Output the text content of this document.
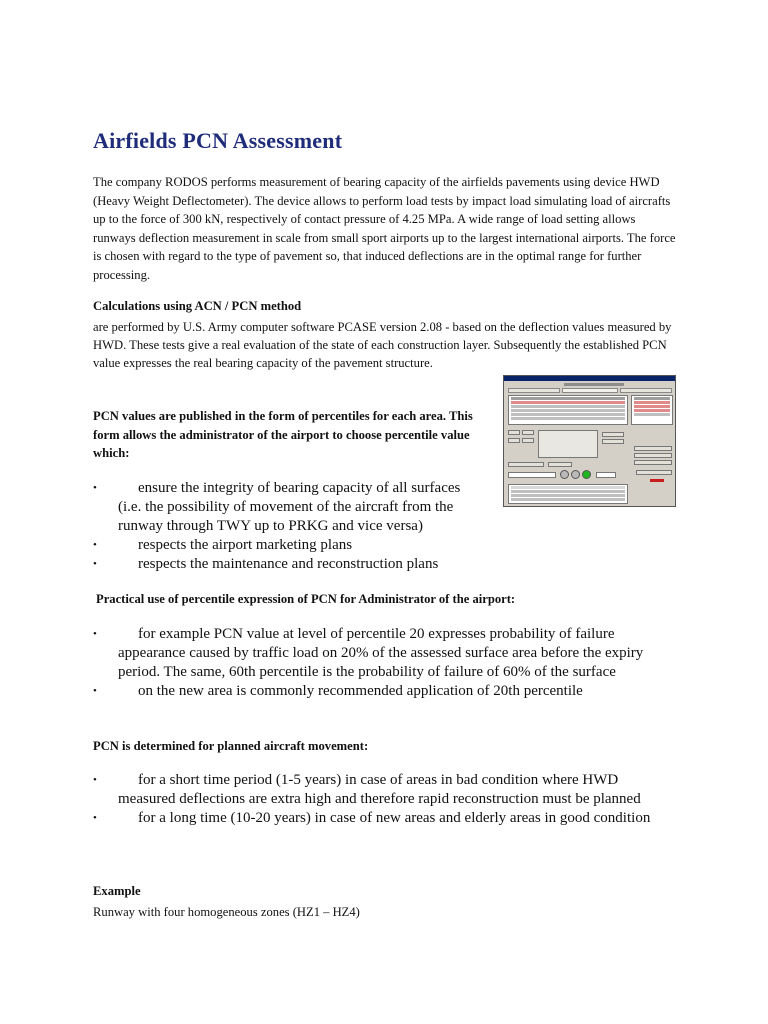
Airfields PCN Assessment

The company RODOS performs measurement of bearing capacity of the airfields pavements using device HWD (Heavy Weight Deflectometer). The device allows to perform load tests by impact load simulating load of aircrafts up to the force of 300 kN, respectively of contact pressure of 4.25 MPa. A wide range of load setting allows runways deflection measurement in scale from small sport airports up to the largest international airports. The force is chosen with regard to the type of pavement so, that induced deflections are in the optimal range for further processing.

Calculations using ACN / PCN method

are performed by U.S. Army computer software PCASE version 2.08 - based on the deflection values measured by HWD. These tests give a real evaluation of the state of each construction layer. Subsequently the established PCN value expresses the real bearing capacity of the pavement structure.

PCN values are published in the form of percentiles for each area. This form allows the administrator of the airport to choose percentile value which:

•	ensure the integrity of bearing capacity of all surfaces (i.e. the possibility of movement of the aircraft from the runway through TWY up to PRKG and vice versa)
•	respects the airport marketing plans
•	respects the maintenance and reconstruction plans
Practical use of percentile expression of PCN for Administrator of the airport:
•	for example PCN value at level of percentile 20 expresses probability of failure appearance caused by traffic load on 20% of the assessed surface area before the expiry period. The same, 60th percentile is the probability of failure of 60% of the surface
•	on the new area is commonly recommended application of 20th percentile
PCN is determined for planned aircraft movement:
•	for a short time period (1-5 years) in case of areas in bad condition where HWD measured deflections are extra high and therefore rapid reconstruction must be planned
•	for a long time (10-20 years) in case of new areas and elderly areas in good condition
Example

Runway with four homogeneous zones (HZ1 – HZ4)
